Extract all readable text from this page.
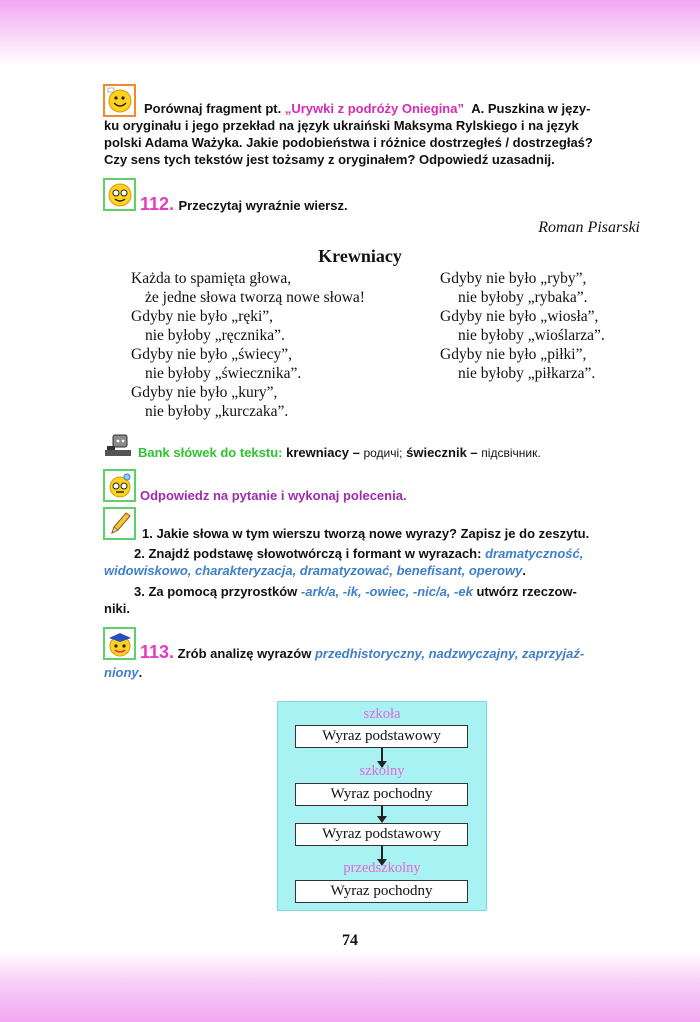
Porównaj fragment pt. „Urywki z podróży Oniegina” A. Puszkina w języ-
ku oryginału i jego przekład na język ukraiński Maksyma Rylskiego i na język
polski Adama Ważyka. Jakie podobieństwa i różnice dostrzegłeś / dostrzegłaś?
Czy sens tych tekstów jest tożsamy z oryginałem? Odpowiedź uzasadnij.
112. Przeczytaj wyraźnie wiersz.
Roman Pisarski
Krewniacy
Każda to spamięta głowa,
że jedne słowa tworzą nowe słowa!
Gdyby nie było „ręki”,
nie byłoby „ręcznika”.
Gdyby nie było „świecy”,
nie byłoby „świecznika”.
Gdyby nie było „kury”,
nie byłoby „kurczaka”.
Gdyby nie było „ryby”,
nie byłoby „rybaka”.
Gdyby nie było „wiosła”,
nie byłoby „wioślarza”.
Gdyby nie było „piłki”,
nie byłoby „piłkarza”.
Bank słówek do tekstu: krewniacy – родичі; świecznik – підсвічник.
Odpowiedz na pytanie i wykonaj polecenia.
1. Jakie słowa w tym wierszu tworzą nowe wyrazy? Zapisz je do zeszytu.
2. Znajdź podstawę słowotwórczą i formant w wyrazach: dramatyczność,
widowiskowo, charakteryzacja, dramatyzować, benefisant, operowy.
3. Za pomocą przyrostków -ark/a, -ik, -owiec, -nic/a, -ek utwórz rzeczow-
niki.
113. Zrób analizę wyrazów przedhistoryczny, nadzwyczajny, zaprzyjaź-
niony.
szkoła
Wyraz podstawowy
szkolny
Wyraz pochodny
Wyraz podstawowy
przedszkolny
Wyraz pochodny
74
